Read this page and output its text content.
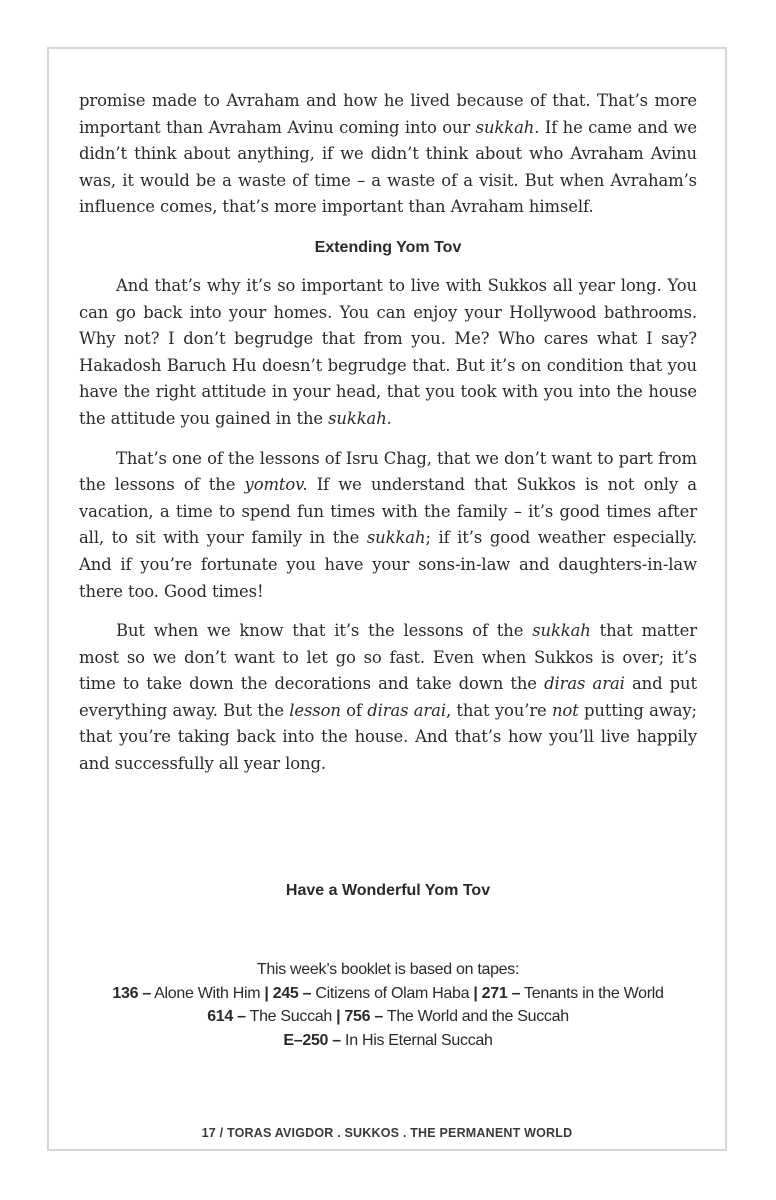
promise made to Avraham and how he lived because of that. That’s more important than Avraham Avinu coming into our sukkah. If he came and we didn’t think about anything, if we didn’t think about who Avraham Avinu was, it would be a waste of time – a waste of a visit. But when Avraham’s influence comes, that’s more important than Avraham himself.

Extending Yom Tov

And that’s why it’s so important to live with Sukkos all year long. You can go back into your homes. You can enjoy your Hollywood bathrooms. Why not? I don’t begrudge that from you. Me? Who cares what I say? Hakadosh Baruch Hu doesn’t begrudge that. But it’s on condition that you have the right attitude in your head, that you took with you into the house the attitude you gained in the sukkah.

That’s one of the lessons of Isru Chag, that we don’t want to part from the lessons of the yomtov. If we understand that Sukkos is not only a vacation, a time to spend fun times with the family – it’s good times after all, to sit with your family in the sukkah; if it’s good weather especially. And if you’re fortunate you have your sons-in-law and daughters-in-law there too. Good times!

But when we know that it’s the lessons of the sukkah that matter most so we don’t want to let go so fast. Even when Sukkos is over; it’s time to take down the decorations and take down the diras arai and put everything away. But the lesson of diras arai, that you’re not putting away; that you’re taking back into the house. And that’s how you’ll live happily and successfully all year long.

Have a Wonderful Yom Tov
This week’s booklet is based on tapes:
136 – Alone With Him | 245 – Citizens of Olam Haba | 271 – Tenants in the World
614 – The Succah | 756 – The World and the Succah
E–250 – In His Eternal Succah
17 / TORAS AVIGDOR . SUKKOS . THE PERMANENT WORLD
